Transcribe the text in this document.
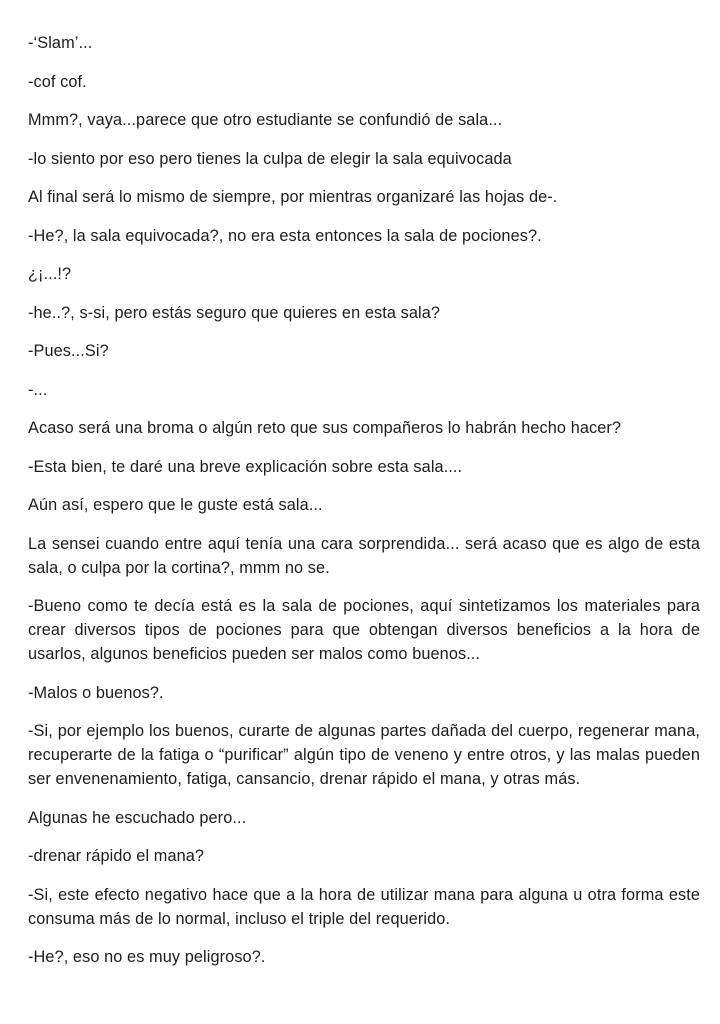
-‘Slam’...

-cof cof.

Mmm?, vaya...parece que otro estudiante se confundió de sala...

-lo siento por eso pero tienes la culpa de elegir la sala equivocada

Al final será lo mismo de siempre, por mientras organizaré las hojas de-.

-He?, la sala equivocada?, no era esta entonces la sala de pociones?.

¿¡...!?

-he..?, s-si, pero estás seguro que quieres en esta sala?

-Pues...Si?

-...

Acaso será una broma o algún reto que sus compañeros lo habrán hecho hacer?

-Esta bien, te daré una breve explicación sobre esta sala....

Aún así, espero que le guste está sala...

La sensei cuando entre aquí tenía una cara sorprendida... será acaso que es algo de esta sala, o culpa por la cortina?, mmm no se.

-Bueno como te decía está es la sala de pociones, aquí sintetizamos los materiales para crear diversos tipos de pociones para que obtengan diversos beneficios a la hora de usarlos, algunos beneficios pueden ser malos como buenos...

-Malos o buenos?.

-Si, por ejemplo los buenos, curarte de algunas partes dañada del cuerpo, regenerar mana, recuperarte de la fatiga o “purificar” algún tipo de veneno y entre otros, y las malas pueden ser envenenamiento, fatiga, cansancio, drenar rápido el mana, y otras más.

Algunas he escuchado pero...

-drenar rápido el mana?

-Si, este efecto negativo hace que a la hora de utilizar mana para alguna u otra forma este consuma más de lo normal, incluso el triple del requerido.

-He?, eso no es muy peligroso?.
